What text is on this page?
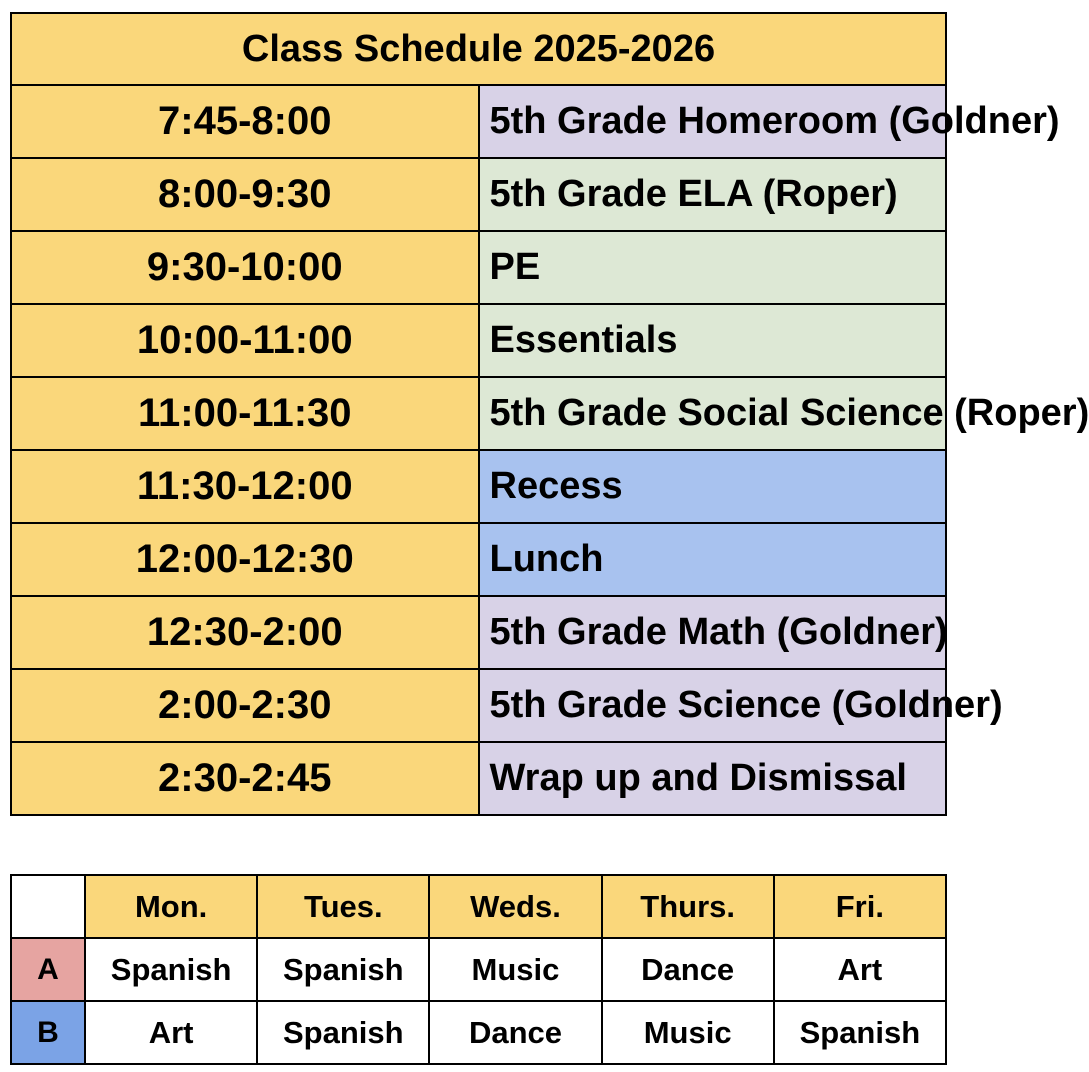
Class Schedule 2025-2026	
7:45-8:00	5th Grade Homeroom (Goldner)
8:00-9:30	5th Grade ELA (Roper)
9:30-10:00	PE
10:00-11:00	Essentials
11:00-11:30	5th Grade Social Science (Roper)
11:30-12:00	Recess
12:00-12:30	Lunch
12:30-2:00	5th Grade Math (Goldner)
2:00-2:30	5th Grade Science (Goldner)
2:30-2:45	Wrap up and Dismissal
	Mon.	Tues.	Weds.	Thurs.	Fri.
A	Spanish	Spanish	Music	Dance	Art
B	Art	Spanish	Dance	Music	Spanish
